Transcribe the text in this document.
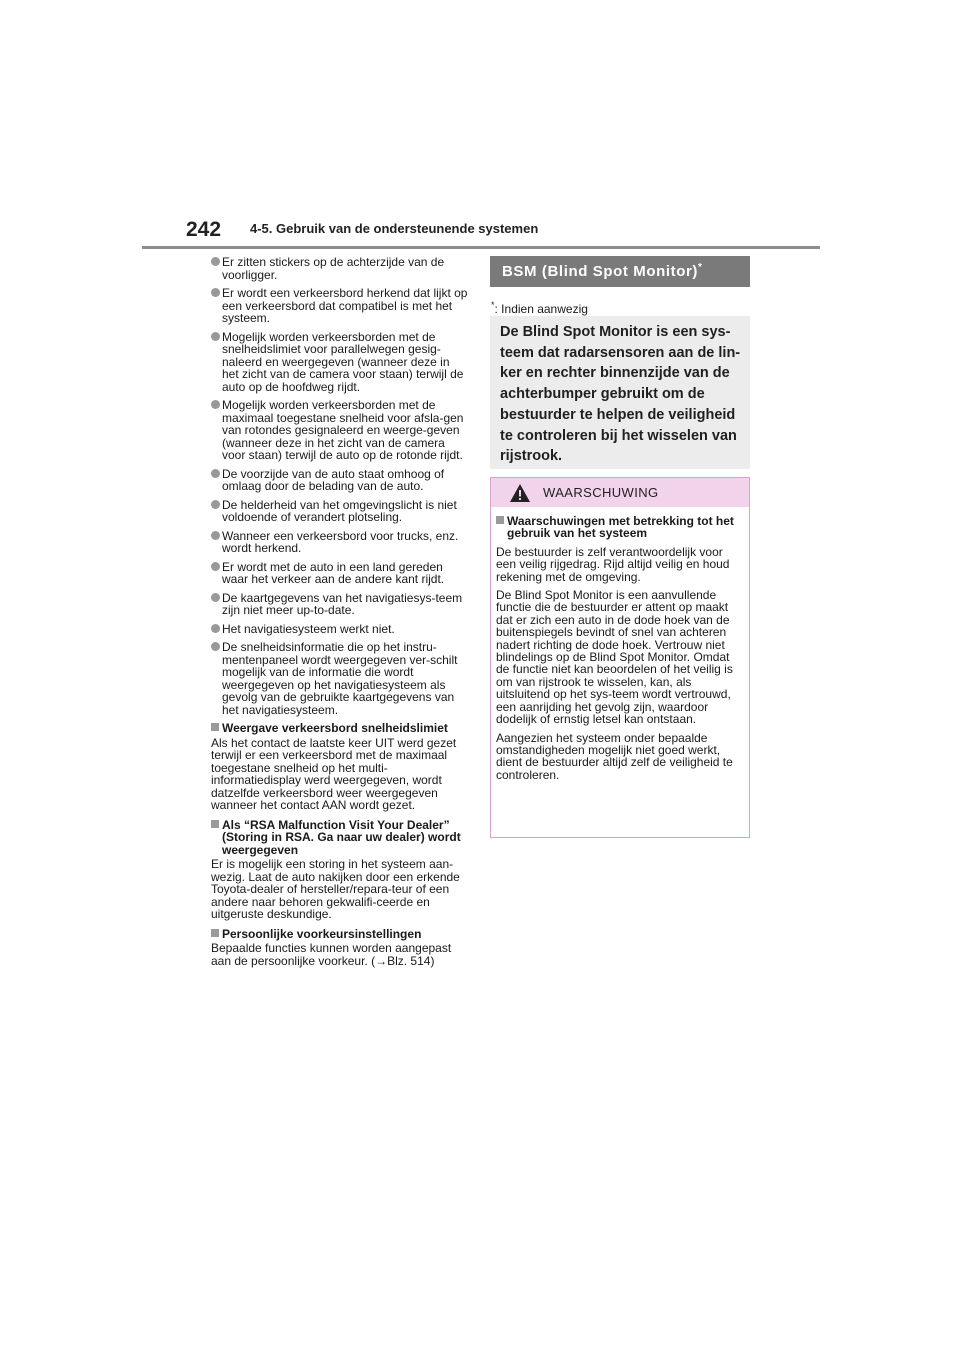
242 4-5. Gebruik van de ondersteunende systemen
Er zitten stickers op de achterzijde van de voorligger.
Er wordt een verkeersbord herkend dat lijkt op een verkeersbord dat compatibel is met het systeem.
Mogelijk worden verkeersborden met de snelheidslimiet voor parallelwegen gesig-naleerd en weergegeven (wanneer deze in het zicht van de camera voor staan) terwijl de auto op de hoofdweg rijdt.
Mogelijk worden verkeersborden met de maximaal toegestane snelheid voor afsla-gen van rotondes gesignaleerd en weerge-geven (wanneer deze in het zicht van de camera voor staan) terwijl de auto op de rotonde rijdt.
De voorzijde van de auto staat omhoog of omlaag door de belading van de auto.
De helderheid van het omgevingslicht is niet voldoende of verandert plotseling.
Wanneer een verkeersbord voor trucks, enz. wordt herkend.
Er wordt met de auto in een land gereden waar het verkeer aan de andere kant rijdt.
De kaartgegevens van het navigatiesys-teem zijn niet meer up-to-date.
Het navigatiesysteem werkt niet.
De snelheidsinformatie die op het instru-mentenpaneel wordt weergegeven ver-schilt mogelijk van de informatie die wordt weergegeven op het navigatiesysteem als gevolg van de gebruikte kaartgegevens van het navigatiesysteem.
Weergave verkeersbord snelheidslimiet
Als het contact de laatste keer UIT werd gezet terwijl er een verkeersbord met de maximaal toegestane snelheid op het multi-informatiedisplay werd weergegeven, wordt datzelfde verkeersbord weer weergegeven wanneer het contact AAN wordt gezet.
Als “RSA Malfunction Visit Your Dealer” (Storing in RSA. Ga naar uw dealer) wordt weergegeven
Er is mogelijk een storing in het systeem aan-wezig. Laat de auto nakijken door een erkende Toyota-dealer of hersteller/repara-teur of een andere naar behoren gekwalifi-ceerde en uitgeruste deskundige.
Persoonlijke voorkeursinstellingen
Bepaalde functies kunnen worden aangepast aan de persoonlijke voorkeur. (→Blz. 514)
BSM (Blind Spot Monitor)*
*: Indien aanwezig
De Blind Spot Monitor is een sys-teem dat radarsensoren aan de lin-ker en rechter binnenzijde van de achterbumper gebruikt om de bestuurder te helpen de veiligheid te controleren bij het wisselen van rijstrook.
WAARSCHUWING
Waarschuwingen met betrekking tot het gebruik van het systeem
De bestuurder is zelf verantwoordelijk voor een veilig rijgedrag. Rijd altijd veilig en houd rekening met de omgeving.
De Blind Spot Monitor is een aanvullende functie die de bestuurder er attent op maakt dat er zich een auto in de dode hoek van de buitenspiegels bevindt of snel van achteren nadert richting de dode hoek. Vertrouw niet blindelings op de Blind Spot Monitor. Omdat de functie niet kan beoordelen of het veilig is om van rijstrook te wisselen, kan, als uitsluitend op het sys-teem wordt vertrouwd, een aanrijding het gevolg zijn, waardoor dodelijk of ernstig letsel kan ontstaan.
Aangezien het systeem onder bepaalde omstandigheden mogelijk niet goed werkt, dient de bestuurder altijd zelf de veiligheid te controleren.
